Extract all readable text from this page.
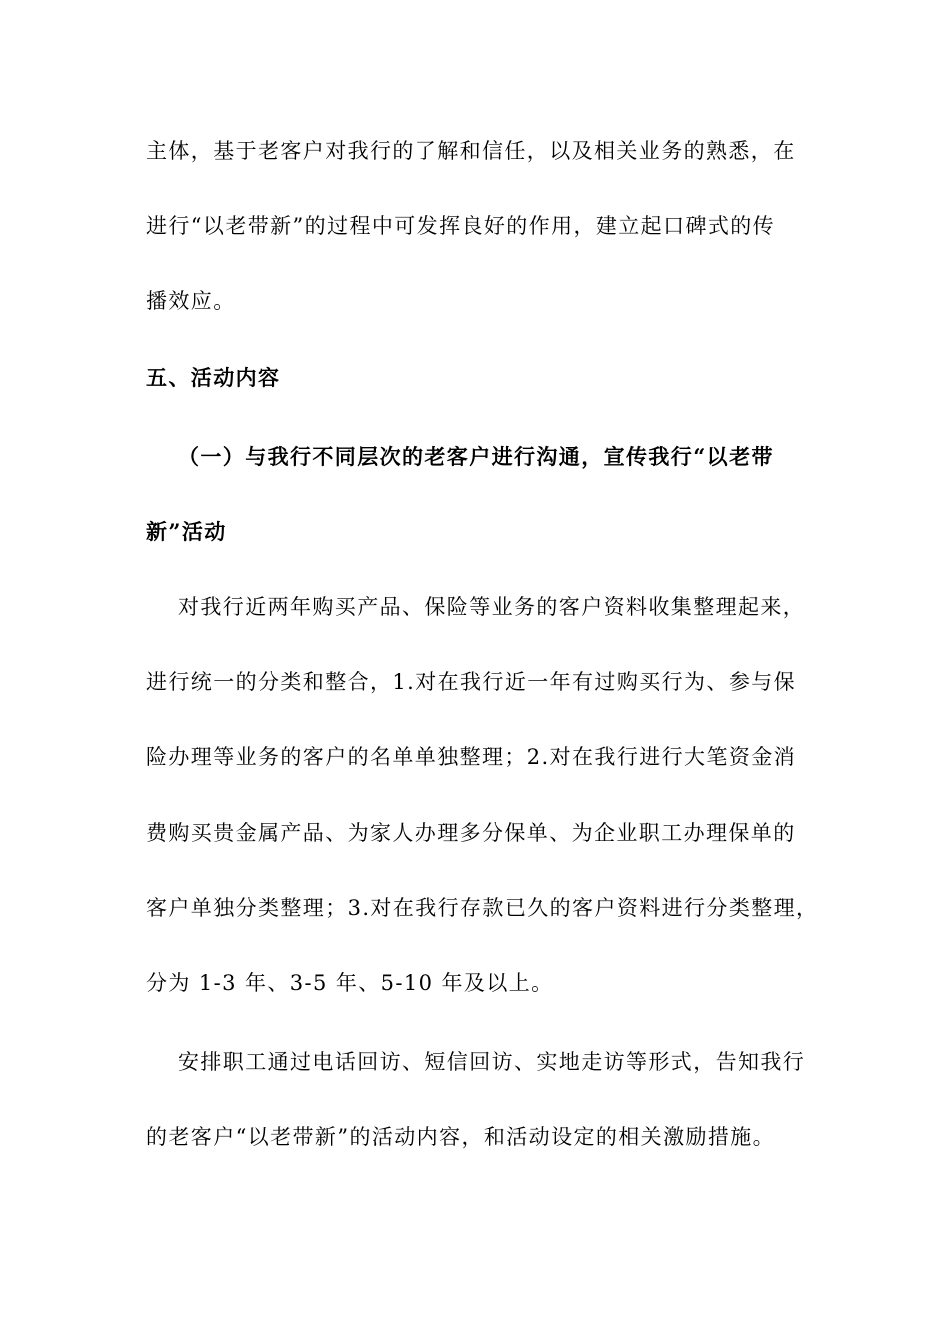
主体，基于老客户对我行的了解和信任，以及相关业务的熟悉，在
进行“以老带新”的过程中可发挥良好的作用，建立起口碑式的传
播效应。
五、活动内容
（一）与我行不同层次的老客户进行沟通，宣传我行“以老带
新”活动
对我行近两年购买产品、保险等业务的客户资料收集整理起来，
进行统一的分类和整合，1.对在我行近一年有过购买行为、参与保
险办理等业务的客户的名单单独整理；2.对在我行进行大笔资金消
费购买贵金属产品、为家人办理多分保单、为企业职工办理保单的
客户单独分类整理；3.对在我行存款已久的客户资料进行分类整理，
分为 1-3 年、3-5 年、5-10 年及以上。
安排职工通过电话回访、短信回访、实地走访等形式，告知我行
的老客户“以老带新”的活动内容，和活动设定的相关激励措施。
